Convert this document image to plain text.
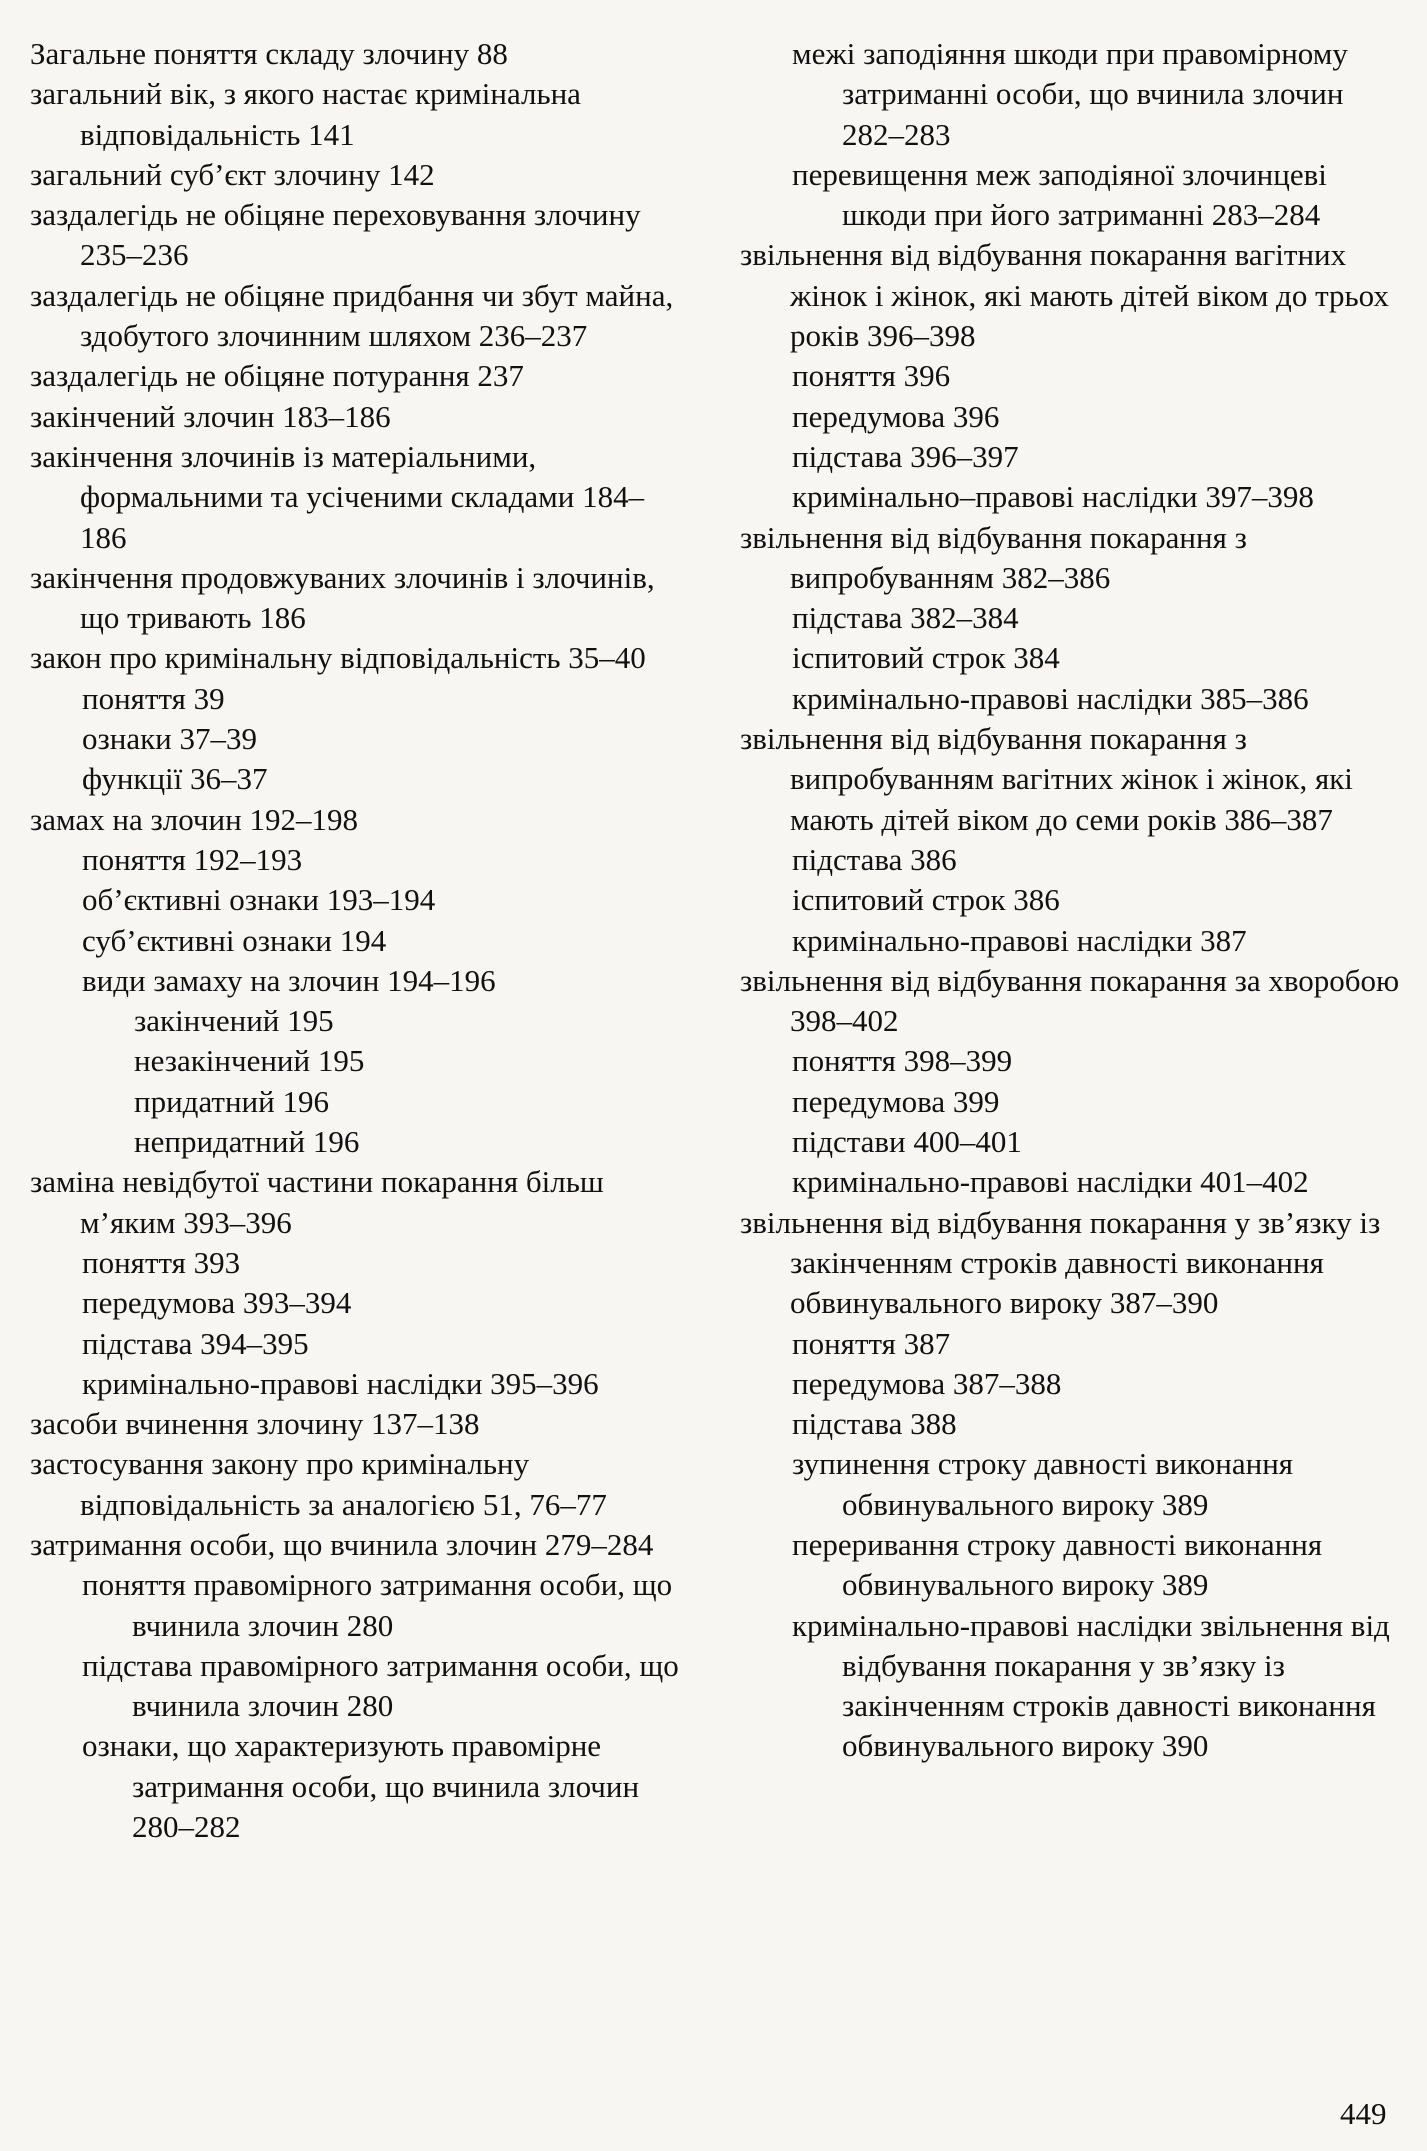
Загальне поняття складу злочину 88
загальний вік, з якого настає кримінальна відповідальність 141
загальний суб’єкт злочину 142
заздалегідь не обіцяне переховування злочину 235–236
заздалегідь не обіцяне придбання чи збут майна, здобутого злочинним шляхом 236–237
заздалегідь не обіцяне потурання 237
закінчений злочин 183–186
закінчення злочинів із матеріальними, формальними та усіченими складами 184–186
закінчення продовжуваних злочинів і злочинів, що тривають 186
закон про кримінальну відповідальність 35–40
поняття 39
ознаки 37–39
функції 36–37
замах на злочин 192–198
поняття 192–193
об’єктивні ознаки 193–194
суб’єктивні ознаки 194
види замаху на злочин 194–196
закінчений 195
незакінчений 195
придатний 196
непридатний 196
заміна невідбутої частини покарання більш м’яким 393–396
поняття 393
передумова 393–394
підстава 394–395
кримінально-правові наслідки 395–396
засоби вчинення злочину 137–138
застосування закону про кримінальну відповідальність за аналогією 51, 76–77
затримання особи, що вчинила злочин 279–284
поняття правомірного затримання особи, що вчинила злочин 280
підстава правомірного затримання особи, що вчинила злочин 280
ознаки, що характеризують правомірне затримання особи, що вчинила злочин 280–282
межі заподіяння шкоди при правомірному затриманні особи, що вчинила злочин 282–283
перевищення меж заподіяної злочинцеві шкоди при його затриманні 283–284
звільнення від відбування покарання вагітних жінок і жінок, які мають дітей віком до трьох років 396–398
поняття 396
передумова 396
підстава 396–397
кримінально–правові наслідки 397–398
звільнення від відбування покарання з випробуванням 382–386
підстава 382–384
іспитовий строк 384
кримінально-правові наслідки 385–386
звільнення від відбування покарання з випробуванням вагітних жінок і жінок, які мають дітей віком до семи років 386–387
підстава 386
іспитовий строк 386
кримінально-правові наслідки 387
звільнення від відбування покарання за хворобою 398–402
поняття 398–399
передумова 399
підстави 400–401
кримінально-правові наслідки 401–402
звільнення від відбування покарання у зв’язку із закінченням строків давності виконання обвинувального вироку 387–390
поняття 387
передумова 387–388
підстава 388
зупинення строку давності виконання обвинувального вироку 389
переривання строку давності виконання обвинувального вироку 389
кримінально-правові наслідки звільнення від відбування покарання у зв’язку із закінченням строків давності виконання обвинувального вироку 390
449
